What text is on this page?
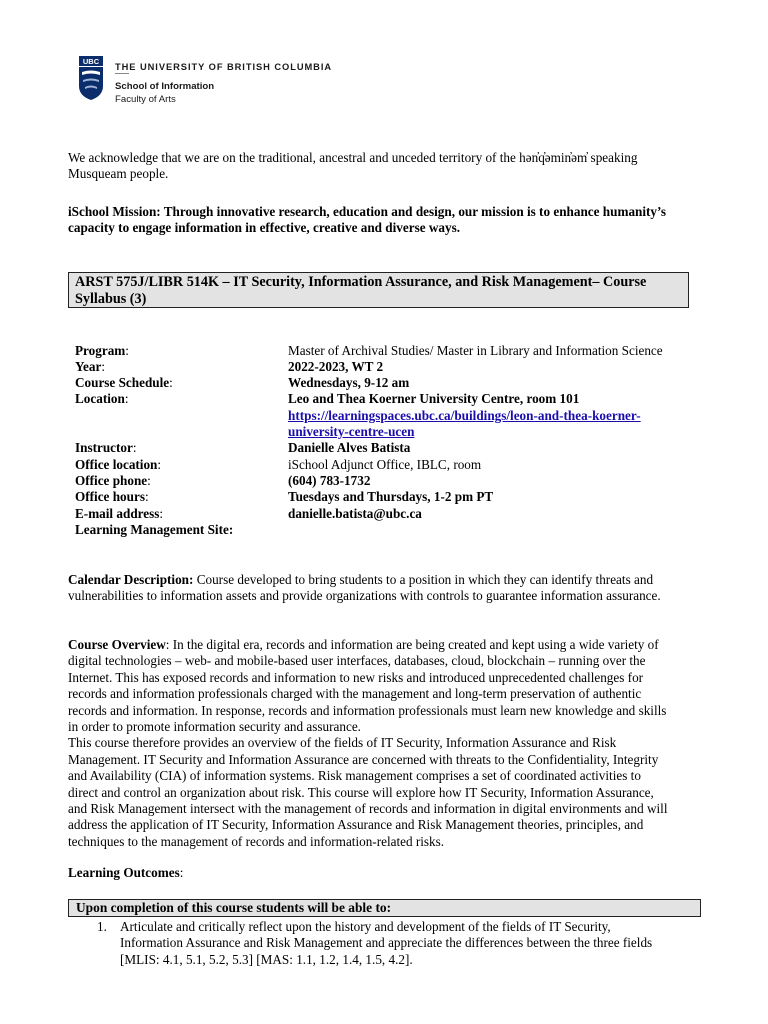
UBC
THE UNIVERSITY OF BRITISH COLUMBIA
School of Information
Faculty of Arts
We acknowledge that we are on the traditional, ancestral and unceded territory of the hən̓q̓əmin̓əm̓ speaking
Musqueam people.
iSchool Mission: Through innovative research, education and design, our mission is to enhance humanity’s
capacity to engage information in effective, creative and diverse ways.
ARST 575J/LIBR 514K – IT Security, Information Assurance, and Risk Management– Course
Syllabus (3)
Program:	Master of Archival Studies/ Master in Library and Information Science
Year:	2022-2023, WT 2
Course Schedule:	Wednesdays, 9-12 am
Location:	Leo and Thea Koerner University Centre, room 101
https://learningspaces.ubc.ca/buildings/leon-and-thea-koerner-
university-centre-ucen
Instructor:	Danielle Alves Batista
Office location:	iSchool Adjunct Office, IBLC, room
Office phone:	(604) 783-1732
Office hours:	Tuesdays and Thursdays, 1-2 pm PT
E-mail address:	danielle.batista@ubc.ca
Learning Management Site:
Calendar Description: Course developed to bring students to a position in which they can identify threats and
vulnerabilities to information assets and provide organizations with controls to guarantee information assurance.
Course Overview: In the digital era, records and information are being created and kept using a wide variety of
digital technologies – web- and mobile-based user interfaces, databases, cloud, blockchain – running over the
Internet. This has exposed records and information to new risks and introduced unprecedented challenges for
records and information professionals charged with the management and long-term preservation of authentic
records and information. In response, records and information professionals must learn new knowledge and skills
in order to promote information security and assurance.
This course therefore provides an overview of the fields of IT Security, Information Assurance and Risk
Management. IT Security and Information Assurance are concerned with threats to the Confidentiality, Integrity
and Availability (CIA) of information systems. Risk management comprises a set of coordinated activities to
direct and control an organization about risk. This course will explore how IT Security, Information Assurance,
and Risk Management intersect with the management of records and information in digital environments and will
address the application of IT Security, Information Assurance and Risk Management theories, principles, and
techniques to the management of records and information-related risks.
Learning Outcomes:
Upon completion of this course students will be able to:
1. Articulate and critically reflect upon the history and development of the fields of IT Security,
Information Assurance and Risk Management and appreciate the differences between the three fields
[MLIS: 4.1, 5.1, 5.2, 5.3] [MAS: 1.1, 1.2, 1.4, 1.5, 4.2].
